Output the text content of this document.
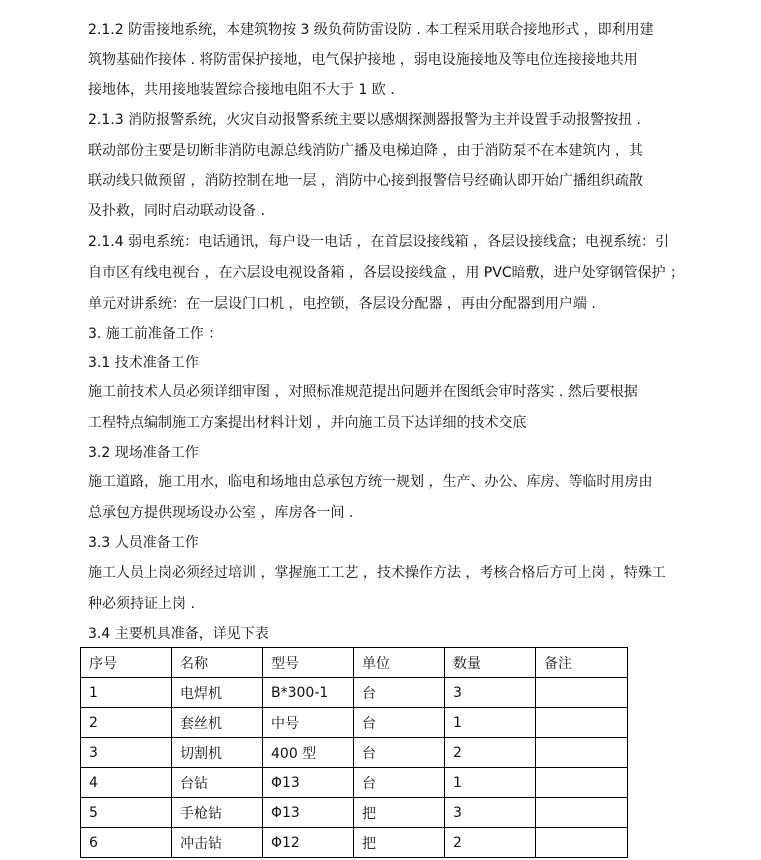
2.1.2 防雷接地系统，本建筑物按 3 级负荷防雷设防 . 本工程采用联合接地形式 ，即利用建
筑物基础作接体 . 将防雷保护接地，电气保护接地 ，弱电设施接地及等电位连接接地共用
接地体，共用接地装置综合接地电阻不大于 1 欧 .
2.1.3 消防报警系统，火灾自动报警系统主要以感烟探测器报警为主并设置手动报警按扭 .
联动部份主要是切断非消防电源总线消防广播及电梯迫降 ，由于消防泵不在本建筑内 ，其
联动线只做预留 ，消防控制在地一层 ，消防中心接到报警信号经确认即开始广播组织疏散
及扑救，同时启动联动设备 .
2.1.4 弱电系统：电话通讯，每户设一电话 ，在首层设接线箱 ，各层设接线盒；电视系统：引
自市区有线电视台 ，在六层设电视设备箱 ，各层设接线盒 ，用 PVC暗敷，进户处穿钢管保护 ；
单元对讲系统：在一层设门口机 ，电控锁，各层设分配器 ，再由分配器到用户端 .
3. 施工前准备工作 ：
3.1 技术准备工作
施工前技术人员必须详细审图 ，对照标准规范提出问题并在图纸会审时落实 . 然后要根据
工程特点编制施工方案提出材料计划 ，并向施工员下达详细的技术交底
3.2 现场准备工作
施工道路，施工用水，临电和场地由总承包方统一规划 ，生产、办公、库房、等临时用房由
总承包方提供现场设办公室 ，库房各一间 .
3.3 人员准备工作
施工人员上岗必须经过培训 ，掌握施工工艺 ，技术操作方法 ，考核合格后方可上岗 ，特殊工
种必须持证上岗 .
3.4 主要机具准备，详见下表
序号	名称	型号	单位	数量	备注
1	电焊机	B*300-1	台	3	
2	套丝机	中号	台	1	
3	切割机	400 型	台	2	
4	台钻	Φ13	台	1	
5	手枪钻	Φ13	把	3	
6	冲击钻	Φ12	把	2	
